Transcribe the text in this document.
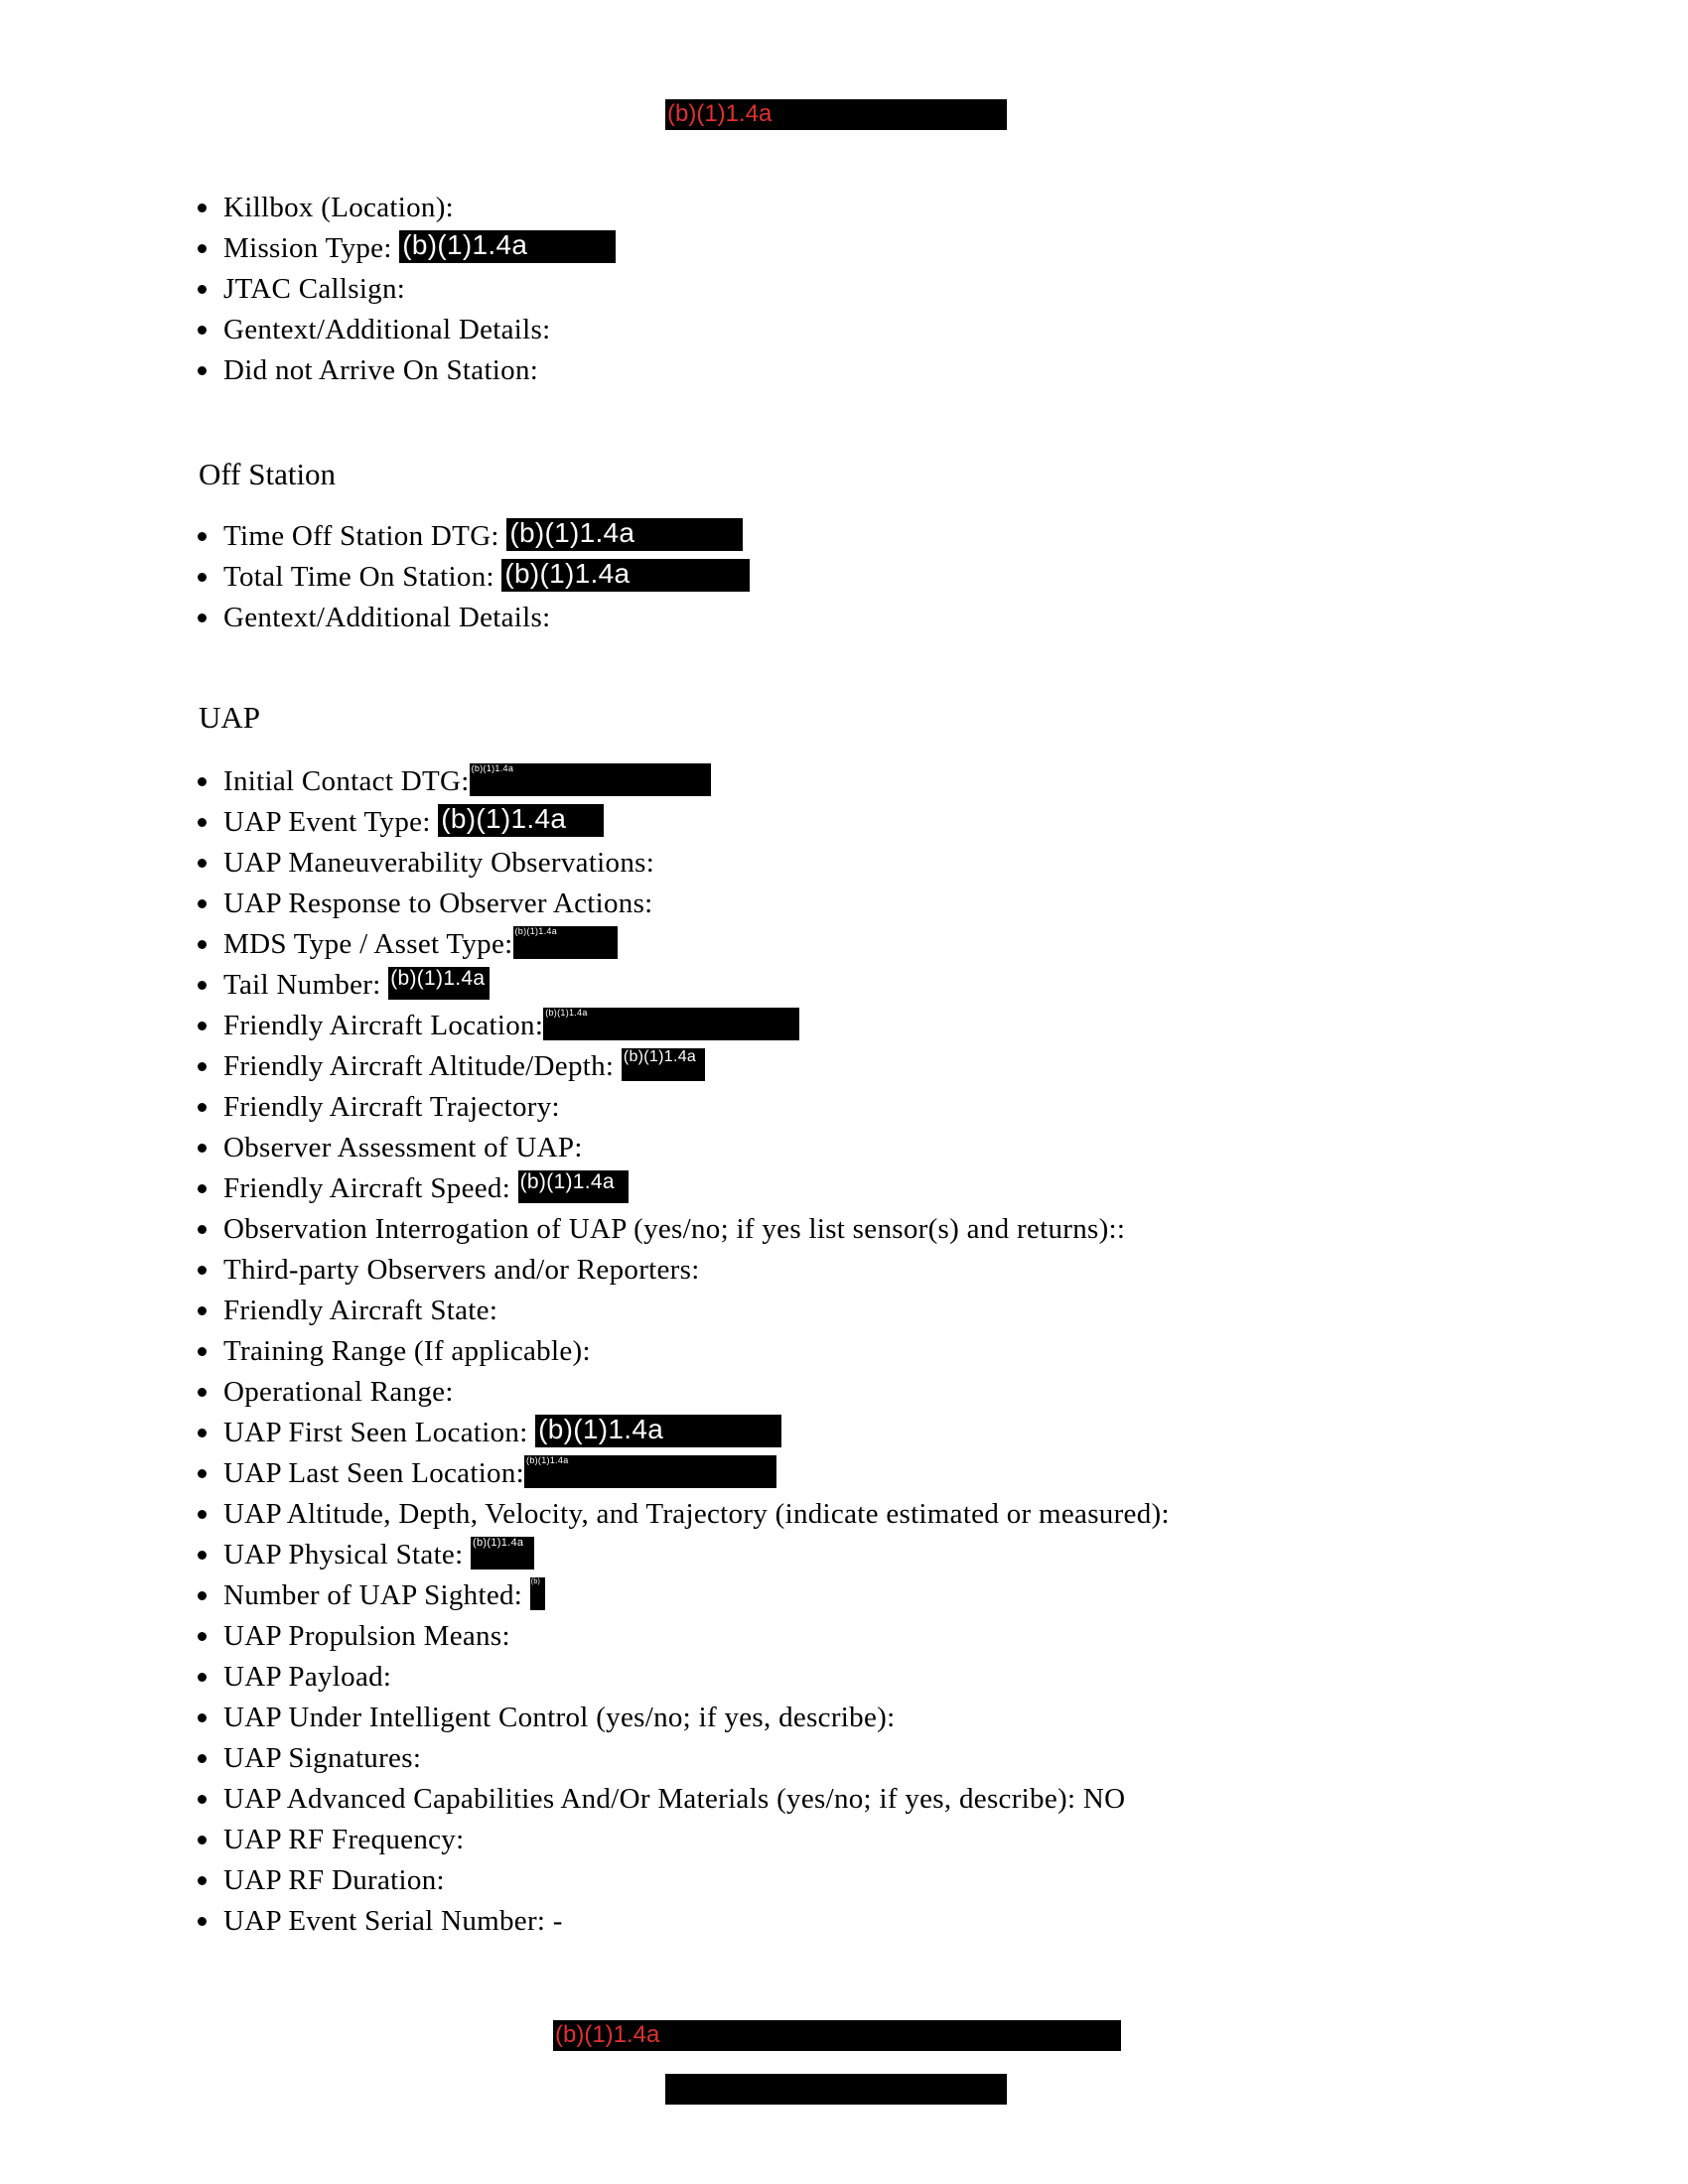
(b)(1)1.4a
Killbox (Location):
Mission Type: (b)(1)1.4a
JTAC Callsign:
Gentext/Additional Details:
Did not Arrive On Station:
Off Station
Time Off Station DTG: (b)(1)1.4a
Total Time On Station: (b)(1)1.4a
Gentext/Additional Details:
UAP
Initial Contact DTG: (b)(1)1.4a
UAP Event Type: (b)(1)1.4a
UAP Maneuverability Observations:
UAP Response to Observer Actions:
MDS Type / Asset Type: (b)(1)1.4a
Tail Number: (b)(1)1.4a
Friendly Aircraft Location: (b)(1)1.4a
Friendly Aircraft Altitude/Depth: (b)(1)1.4a
Friendly Aircraft Trajectory:
Observer Assessment of UAP:
Friendly Aircraft Speed: (b)(1)1.4a
Observation Interrogation of UAP (yes/no; if yes list sensor(s) and returns)::
Third-party Observers and/or Reporters:
Friendly Aircraft State:
Training Range (If applicable):
Operational Range:
UAP First Seen Location: (b)(1)1.4a
UAP Last Seen Location: (b)(1)1.4a
UAP Altitude, Depth, Velocity, and Trajectory (indicate estimated or measured):
UAP Physical State: (b)(1)1.4a
Number of UAP Sighted: (b)
UAP Propulsion Means:
UAP Payload:
UAP Under Intelligent Control (yes/no; if yes, describe):
UAP Signatures:
UAP Advanced Capabilities And/Or Materials (yes/no; if yes, describe): NO
UAP RF Frequency:
UAP RF Duration:
UAP Event Serial Number: -
(b)(1)1.4a
